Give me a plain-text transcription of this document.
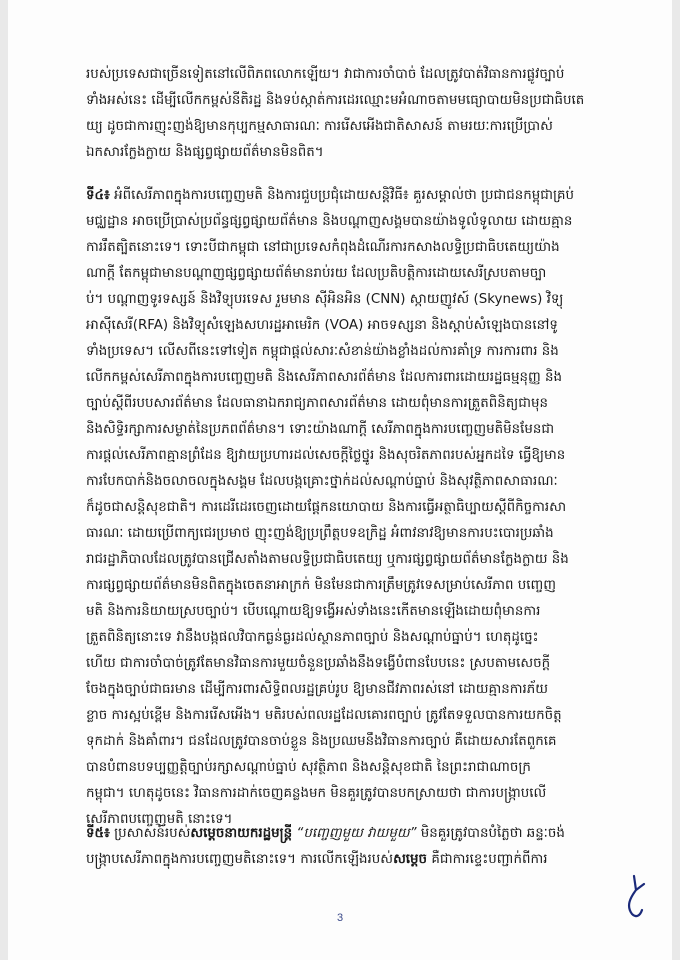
របស់ប្រទេសជាច្រើនទៀតនៅលើពិភពលោកឡើយ។ វាជាការចាំបាច់ ដែលត្រូវបាត់វិធានការផ្លូវច្បាប់
ទាំងអស់នេះ ដើម្បីលើកកម្ពស់នីតិរដ្ឋ និងទប់ស្កាត់ការដេរឈ្មោះមអំណាចតាមមធ្យោបាយមិនប្រជាធិបតេ
យ្យ ដូចជាការញុះញង់ឱ្យមានកុប្បកម្មសាធារណៈ ការរើសអើងជាតិសាសន៍ តាមរយៈការប្រើប្រាស់
ឯកសារក្លែងក្លាយ និងផ្សព្វផ្សាយព័ត៌មានមិនពិត។
ទី៤៖ អំពីសេរីភាពក្នុងការបញ្ចេញមតិ និងការជួបប្រជុំដោយសន្តិវិធី៖ គួរសម្គាល់ថា ប្រជាជនកម្ពុជាគ្រប់
មជ្ឈដ្ឋាន អាចប្រើប្រាស់ប្រព័ន្ធផ្សព្វផ្សាយព័ត៌មាន និងបណ្តាញសង្គមបានយ៉ាងទូលំទូលាយ ដោយគ្មាន
ការរឹតត្បិតនោះទេ។ ទោះបីជាកម្ពុជា នៅជាប្រទេសកំពុងដំណើរការកសាងលទ្ធិប្រជាធិបតេយ្យយ៉ាង
ណាក្តី តែកម្ពុជាមានបណ្តាញផ្សព្វផ្សាយព័ត៌មានរាប់រយ ដែលប្រតិបត្តិការដោយសេរីស្របតាមច្បា
ប់។ បណ្តាញទូរទស្សន៍ និងវិទ្យុបរទេស រួមមាន ស៊ីអិនអិន (CNN) ស្កាយញូវស៍ (Skynews) វិទ្យុ
អាស៊ីសេរី(RFA) និងវិទ្យុសំឡេងសហរដ្ឋអាមេរិក (VOA) អាចទស្សនា និងស្តាប់សំឡេងបាននៅទូ
ទាំងប្រទេស។ លើសពីនេះទៅទៀត កម្ពុជាផ្តល់សារៈសំខាន់យ៉ាងខ្លាំងដល់ការគាំទ្រ ការការពារ និង
លើកកម្ពស់សេរីភាពក្នុងការបញ្ចេញមតិ និងសេរីភាពសារព័ត៌មាន ដែលការពារដោយរដ្ឋធម្មនុញ្ញ និង
ច្បាប់ស្តីពីរបបសារព័ត៌មាន ដែលធានាឯករាជ្យភាពសារព័ត៌មាន ដោយពុំមានការត្រួតពិនិត្យជាមុន
និងសិទ្ធិរក្សាការសម្ងាត់នៃប្រភពព័ត៌មាន។ ទោះយ៉ាងណាក្តី សេរីភាពក្នុងការបញ្ចេញមតិមិនមែនជា
ការផ្តល់សេរីភាពគ្មានព្រំដែន ឱ្យវាយប្រហារដល់សេចក្តីថ្លៃថ្នូរ និងសុចរិតភាពរបស់អ្នកដទៃ ធ្វើឱ្យមាន
ការបែកបាក់និងចលាចលក្នុងសង្គម ដែលបង្កគ្រោះថ្នាក់ដល់សណ្តាប់ធ្នាប់ និងសុវត្ថិភាពសាធារណៈ
ក៏ដូចជាសន្តិសុខជាតិ។ ការដេរីដេរចេញដោយផ្តែកនយោបាយ និងការធ្វើអត្ថាធិប្បាយស្តីពីកិច្ចការសា
ធារណៈ ដោយប្រើពាក្យជេរប្រមាថ ញុះញង់ឱ្យប្រព្រឹត្តបទឧក្រិដ្ឋ អំពាវនាវឱ្យមានការបះបោរប្រឆាំង
រាជរដ្ឋាភិបាលដែលត្រូវបានជ្រើសតាំងតាមលទ្ធិប្រជាធិបតេយ្យ ឬការផ្សព្វផ្សាយព័ត៌មានក្លែងក្លាយ និង
ការផ្សព្វផ្សាយព័ត៌មានមិនពិតក្នុងចេតនាអាក្រក់ មិនមែនជាការត្រឹមត្រូវទេសម្រាប់សេរីភាព បញ្ចេញ
មតិ និងការនិយាយស្របច្បាប់។ បើបណ្តោយឱ្យទង្វើអស់ទាំងនេះកើតមានឡើងដោយពុំមានការ
ត្រួតពិនិត្យនោះទេ វានឹងបង្កផលវិបាកធ្ងន់ធ្ងរដល់ស្ថានភាពច្បាប់ និងសណ្តាប់ធ្នាប់។ ហេតុដូច្នេះ
ហើយ ជាការចាំបាច់ត្រូវតែមានវិធានការមួយចំនួនប្រឆាំងនឹងទង្វើបំពានបែបនេះ ស្របតាមសេចក្តី
ចែងក្នុងច្បាប់ជាធរមាន ដើម្បីការពារសិទ្ធិពលរដ្ឋគ្រប់រូប ឱ្យមានជីវភាពរស់នៅ ដោយគ្មានការភ័យ
ខ្លាច ការស្អប់ខ្ពើម និងការរើសអើង។ មតិរបស់ពលរដ្ឋដែលគោរពច្បាប់ ត្រូវតែទទួលបានការយកចិត្ត
ទុកដាក់ និងគាំពារ។ ជនដែលត្រូវបានចាប់ខ្លួន និងប្រឈមនឹងវិធានការច្បាប់ គឺដោយសារតែពួកគេ
បានបំពានបទប្បញ្ញត្តិច្បាប់រក្សាសណ្តាប់ធ្នាប់ សុវត្ថិភាព និងសន្តិសុខជាតិ នៃព្រះរាជាណាចក្រ
កម្ពុជា។ ហេតុដូចនេះ វិធានការដាក់ចេញគន្លងមក មិនគួរត្រូវបានបកស្រាយថា ជាការបង្ក្រាបលើ
សេរីភាពបញ្ចេញមតិ នោះទេ។
ទី៥៖ ប្រសាសន៍របស់សម្តេចនាយករដ្ឋមន្ត្រី “បញ្ចេញមួយ វាយមួយ” មិនគួរត្រូវបានបំភ្លៃថា ឆន្ទៈចង់
បង្ក្រាបសេរីភាពក្នុងការបញ្ចេញមតិនោះទេ។ ការលើកឡើងរបស់សម្តេច គឺជាការខ្ទេះបញ្ជាក់ពីការ
3
